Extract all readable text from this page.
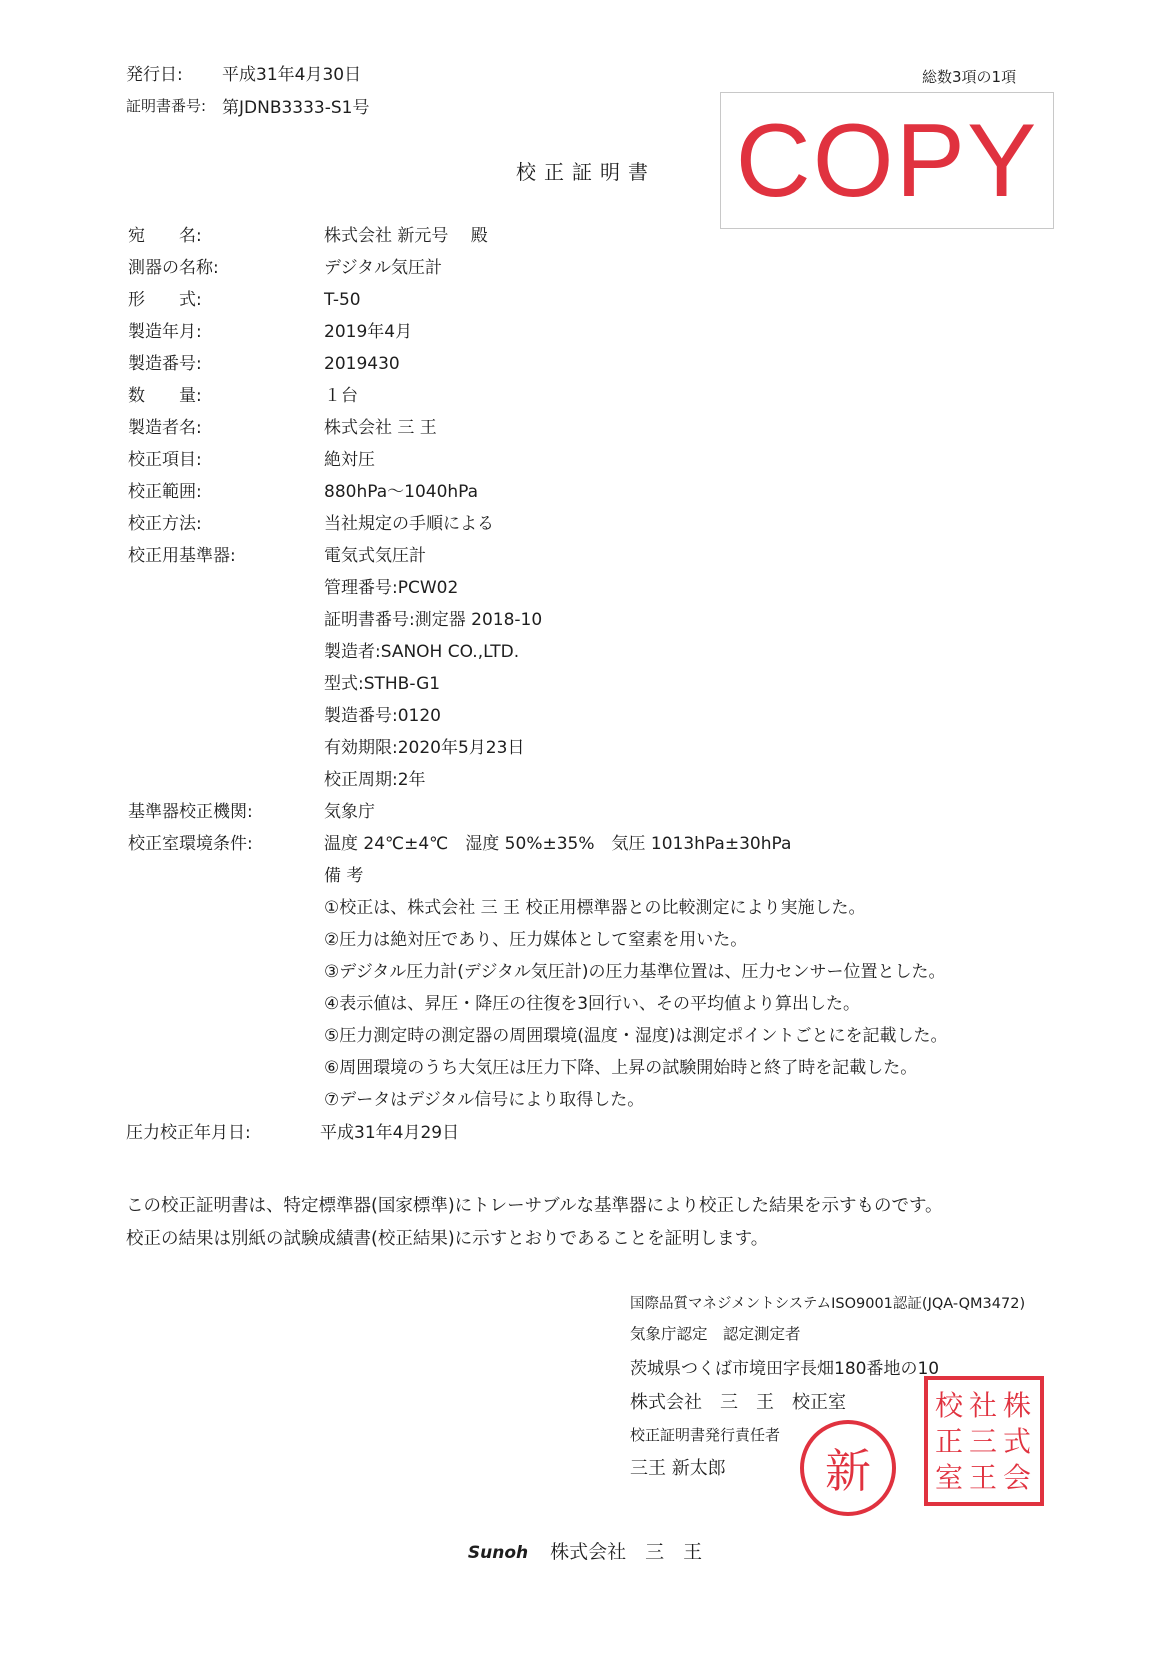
発行日: 平成31年4月30日
証明書番号: 第JDNB3333-S1号
総数3項の1項
COPY
校正証明書
宛　　名:	株式会社 新元号　 殿
測器の名称:	デジタル気圧計
形　　式:	T-50
製造年月:	2019年4月
製造番号:	2019430
数　　量:	１台
製造者名:	株式会社 三 王
校正項目:	絶対圧
校正範囲:	880hPa～1040hPa
校正方法:	当社規定の手順による
校正用基準器:	電気式気圧計
管理番号:PCW02
証明書番号:測定器 2018-10
製造者:SANOH CO.,LTD.
型式:STHB-G1
製造番号:0120
有効期限:2020年5月23日
校正周期:2年
基準器校正機関:	気象庁
校正室環境条件:	温度 24℃±4℃　湿度 50%±35%　気圧 1013hPa±30hPa
備 考
①校正は、株式会社 三 王 校正用標準器との比較測定により実施した。
②圧力は絶対圧であり、圧力媒体として窒素を用いた。
③デジタル圧力計(デジタル気圧計)の圧力基準位置は、圧力センサー位置とした。
④表示値は、昇圧・降圧の往復を3回行い、その平均値より算出した。
⑤圧力測定時の測定器の周囲環境(温度・湿度)は測定ポイントごとにを記載した。
⑥周囲環境のうち大気圧は圧力下降、上昇の試験開始時と終了時を記載した。
⑦データはデジタル信号により取得した。
圧力校正年月日:	平成31年4月29日
この校正証明書は、特定標準器(国家標準)にトレーサブルな基準器により校正した結果を示すものです。
校正の結果は別紙の試験成績書(校正結果)に示すとおりであることを証明します。
国際品質マネジメントシステムISO9001認証(JQA-QM3472)
気象庁認定　認定測定者
茨城県つくば市境田字長畑180番地の10
株式会社　三　王　校正室
校正証明書発行責任者
三王 新太郎 新
株式会
社三王
校正室
Sunoh 株式会社　三　王
